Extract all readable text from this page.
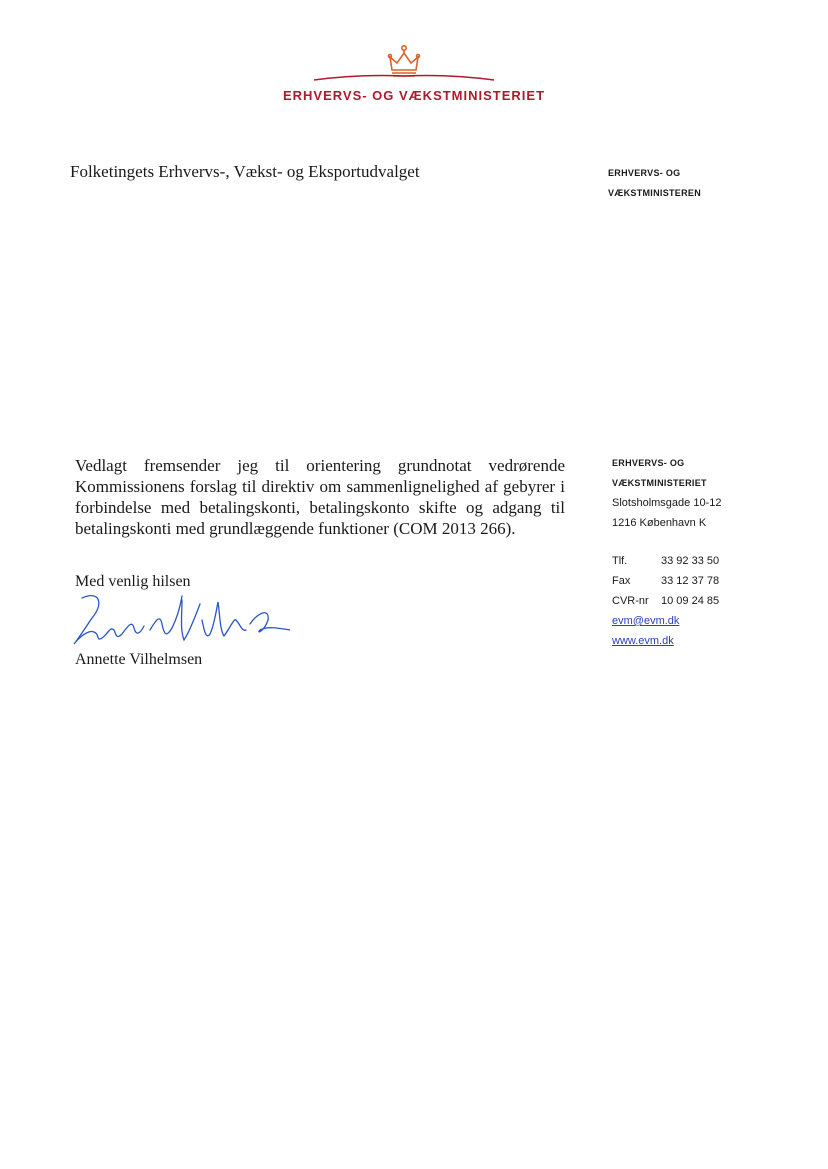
ERHVERVS- OG VÆKSTMINISTERIET
Folketingets Erhvervs-, Vækst- og Eksportudvalget	ERHVERVS- OG
VÆKSTMINISTEREN
Vedlagt fremsender jeg til orientering grundnotat vedrørende Kommissionens forslag til direktiv om sammenlignelighed af gebyrer i forbindelse med betalingskonti, betalingskonto skifte og adgang til betalingskonti med grundlæggende funktioner (COM 2013 266).
Med venlig hilsen
Annette Vilhelmsen
ERHVERVS- OG
VÆKSTMINISTERIET
Slotsholmsgade 10-12
1216 København K
Tlf.	33 92 33 50
Fax	33 12 37 78
CVR-nr 10 09 24 85
evm@evm.dk
www.evm.dk
